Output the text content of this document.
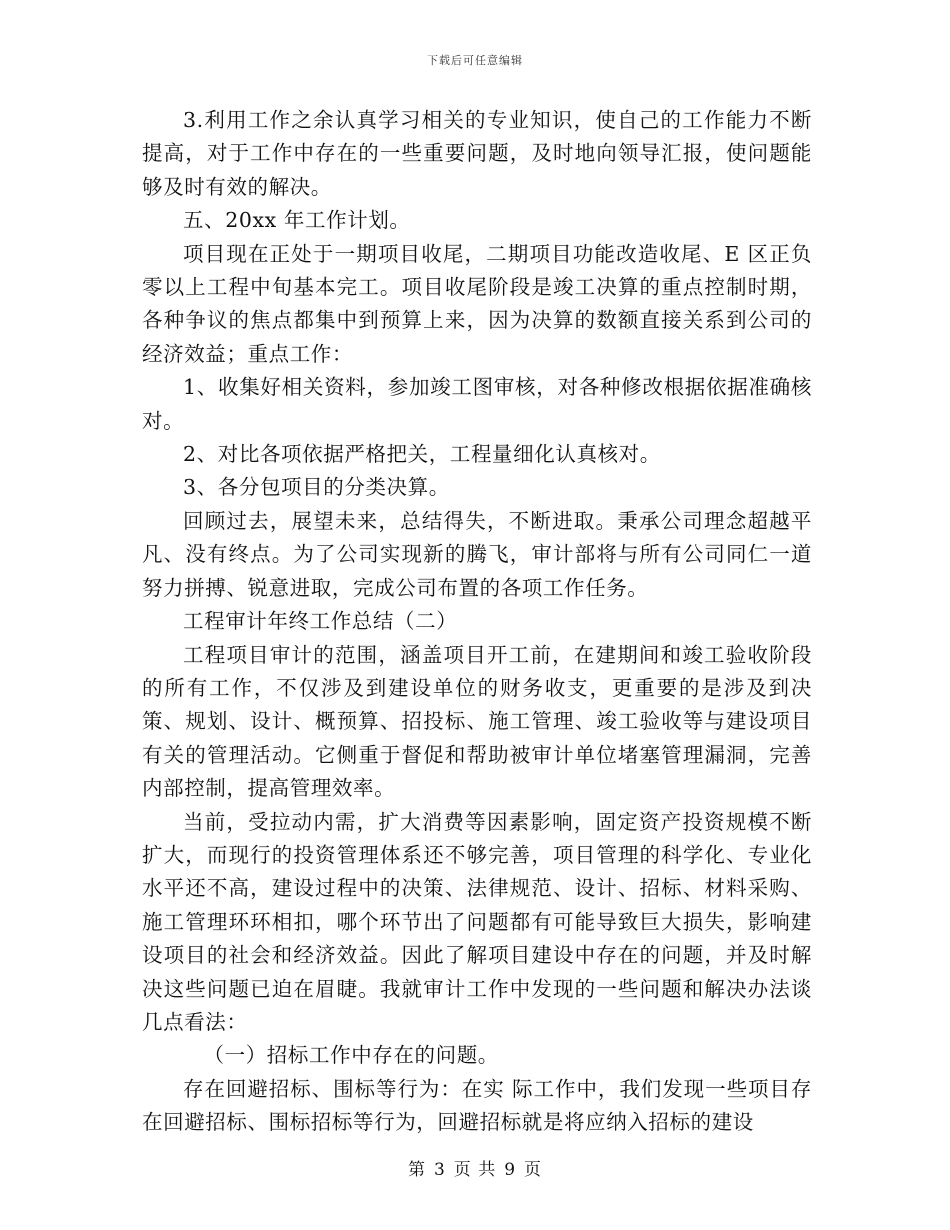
下载后可任意编辑

3.利用工作之余认真学习相关的专业知识，使自己的工作能力不断提高，对于工作中存在的一些重要问题，及时地向领导汇报，使问题能够及时有效的解决。

五、20xx 年工作计划。

项目现在正处于一期项目收尾，二期项目功能改造收尾、E 区正负零以上工程中旬基本完工。项目收尾阶段是竣工决算的重点控制时期，各种争议的焦点都集中到预算上来，因为决算的数额直接关系到公司的经济效益；重点工作：

1、收集好相关资料，参加竣工图审核，对各种修改根据依据准确核对。

2、对比各项依据严格把关，工程量细化认真核对。

3、各分包项目的分类决算。

回顾过去，展望未来，总结得失，不断进取。秉承公司理念超越平凡、没有终点。为了公司实现新的腾飞，审计部将与所有公司同仁一道努力拼搏、锐意进取，完成公司布置的各项工作任务。

工程审计年终工作总结（二）

工程项目审计的范围，涵盖项目开工前，在建期间和竣工验收阶段的所有工作，不仅涉及到建设单位的财务收支，更重要的是涉及到决策、规划、设计、概预算、招投标、施工管理、竣工验收等与建设项目有关的管理活动。它侧重于督促和帮助被审计单位堵塞管理漏洞，完善内部控制，提高管理效率。

当前，受拉动内需，扩大消费等因素影响，固定资产投资规模不断扩大，而现行的投资管理体系还不够完善，项目管理的科学化、专业化水平还不高，建设过程中的决策、法律规范、设计、招标、材料采购、施工管理环环相扣，哪个环节出了问题都有可能导致巨大损失，影响建设项目的社会和经济效益。因此了解项目建设中存在的问题，并及时解决这些问题已迫在眉睫。我就审计工作中发现的一些问题和解决办法谈几点看法：

（一）招标工作中存在的问题。

存在回避招标、围标等行为：在实 际工作中，我们发现一些项目存在回避招标、围标招标等行为，回避招标就是将应纳入招标的建设

第 3 页 共 9 页
